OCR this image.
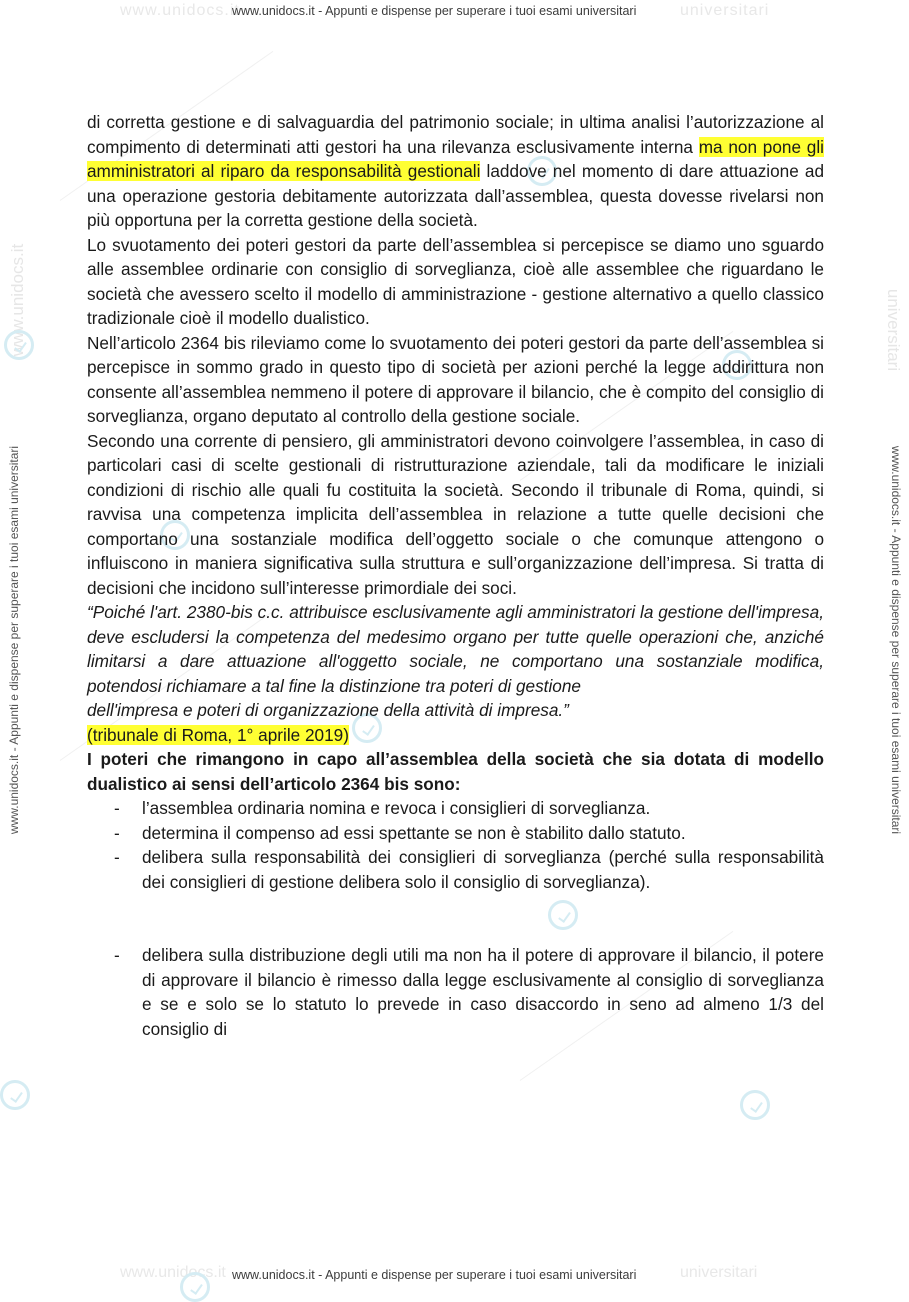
www.unidocs.it	universitari
www.unidocs.it	universitari
www.unidocs.it	universitari
www.unidocs.it - Appunti e dispense per superare i tuoi esami universitari
www.unidocs.it - Appunti e dispense per superare i tuoi esami universitari
www.unidocs.it - Appunti e dispense per superare i tuoi esami universitari	www.unidocs.it - Appunti e dispense per superare i tuoi esami universitari

di corretta gestione e di salvaguardia del patrimonio sociale; in ultima analisi l’autorizzazione al compimento di determinati atti gestori ha una rilevanza esclusivamente interna ma non pone gli amministratori al riparo da responsabilità gestionali laddove nel momento di dare attuazione ad una operazione gestoria debitamente autorizzata dall’assemblea, questa dovesse rivelarsi non più opportuna per la corretta gestione della società.

Lo svuotamento dei poteri gestori da parte dell’assemblea si percepisce se diamo uno sguardo alle assemblee ordinarie con consiglio di sorveglianza, cioè alle assemblee che riguardano le società che avessero scelto il modello di amministrazione - gestione alternativo a quello classico tradizionale cioè il modello dualistico.

Nell’articolo 2364 bis rileviamo come lo svuotamento dei poteri gestori da parte dell’assemblea si percepisce in sommo grado in questo tipo di società per azioni perché la legge addirittura non consente all’assemblea nemmeno il potere di approvare il bilancio, che è compito del consiglio di sorveglianza, organo deputato al controllo della gestione sociale.

Secondo una corrente di pensiero, gli amministratori devono coinvolgere l’assemblea, in caso di particolari casi di scelte gestionali di ristrutturazione aziendale, tali da modificare le iniziali condizioni di rischio alle quali fu costituita la società. Secondo il tribunale di Roma, quindi, si ravvisa una competenza implicita dell’assemblea in relazione a tutte quelle decisioni che comportano una sostanziale modifica dell’oggetto sociale o che comunque attengono o influiscono in maniera significativa sulla struttura e sull’organizzazione dell’impresa. Si tratta di decisioni che incidono sull’interesse primordiale dei soci.

“Poiché l'art. 2380-bis c.c. attribuisce esclusivamente agli amministratori la gestione dell'impresa, deve escludersi la competenza del medesimo organo per tutte quelle operazioni che, anziché limitarsi a dare attuazione all'oggetto sociale, ne comportano una sostanziale modifica, potendosi richiamare a tal fine la distinzione tra poteri di gestione

dell'impresa e poteri di organizzazione della attività di impresa.”

(tribunale di Roma, 1° aprile 2019)

I poteri che rimangono in capo all’assemblea della società che sia dotata di modello dualistico ai sensi dell’articolo 2364 bis sono:

- l’assemblea ordinaria nomina e revoca i consiglieri di sorveglianza.
- determina il compenso ad essi spettante se non è stabilito dallo statuto.
- delibera sulla responsabilità dei consiglieri di sorveglianza (perché sulla responsabilità dei consiglieri di gestione delibera solo il consiglio di sorveglianza).
- delibera sulla distribuzione degli utili ma non ha il potere di approvare il bilancio, il potere di approvare il bilancio è rimesso dalla legge esclusivamente al consiglio di sorveglianza e se e solo se lo statuto lo prevede in caso disaccordo in seno ad almeno 1/3 del consiglio di
